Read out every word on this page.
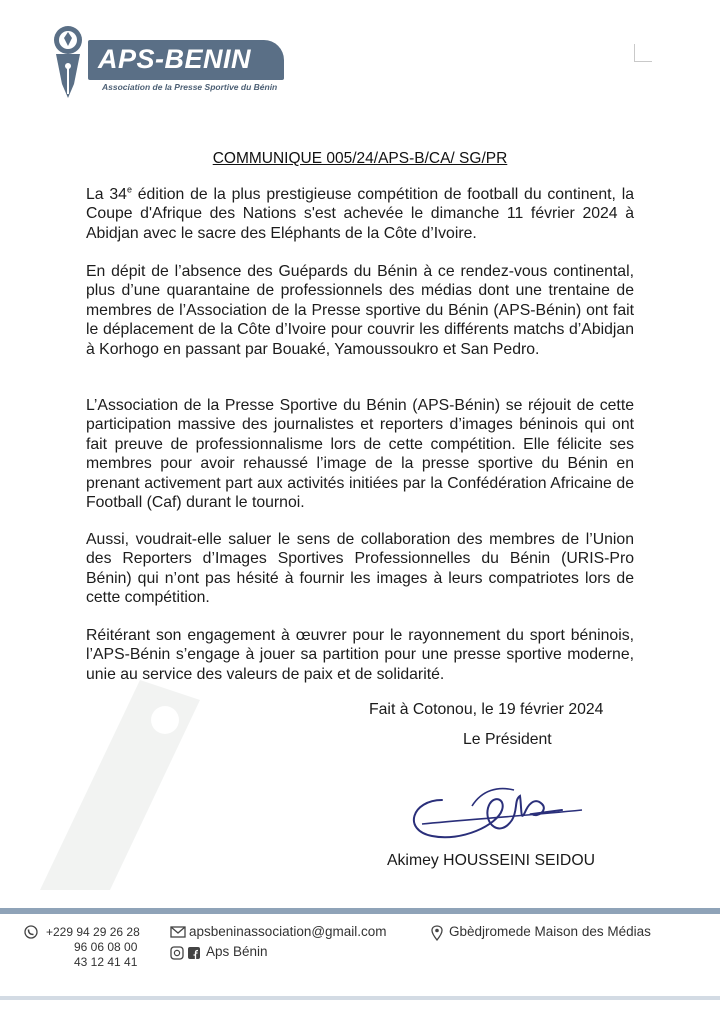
APS-BENIN
Association de la Presse Sportive du Bénin
COMMUNIQUE 005/24/APS-B/CA/ SG/PR

La 34e édition de la plus prestigieuse compétition de football du continent, la Coupe d'Afrique des Nations s'est achevée le dimanche 11 février 2024 à Abidjan avec le sacre des Eléphants de la Côte d’Ivoire.

En dépit de l’absence des Guépards du Bénin à ce rendez-vous continental, plus d’une quarantaine de professionnels des médias dont une trentaine de membres de l’Association de la Presse sportive du Bénin (APS-Bénin) ont fait le déplacement de la Côte d’Ivoire pour couvrir les différents matchs d’Abidjan à Korhogo en passant par Bouaké, Yamoussoukro et San Pedro.

L’Association de la Presse Sportive du Bénin (APS-Bénin) se réjouit de cette participation massive des journalistes et reporters d’images béninois qui ont fait preuve de professionnalisme lors de cette compétition. Elle félicite ses membres pour avoir rehaussé l’image de la presse sportive du Bénin en prenant activement part aux activités initiées par la Confédération Africaine de Football (Caf) durant le tournoi.

Aussi, voudrait-elle saluer le sens de collaboration des membres de l’Union des Reporters d’Images Sportives Professionnelles du Bénin (URIS-Pro Bénin) qui n’ont pas hésité à fournir les images à leurs compatriotes lors de cette compétition.

Réitérant son engagement à œuvrer pour le rayonnement du sport béninois, l’APS-Bénin s’engage à jouer sa partition pour une presse sportive moderne, unie au service des valeurs de paix et de solidarité.

Fait à Cotonou, le 19 février 2024
Le Président
Akimey HOUSSEINI SEIDOU
+229 94 29 26 28
96 06 08 00
43 12 41 41
apsbeninassociation@gmail.com
Aps Bénin
Gbèdjromede Maison des Médias
